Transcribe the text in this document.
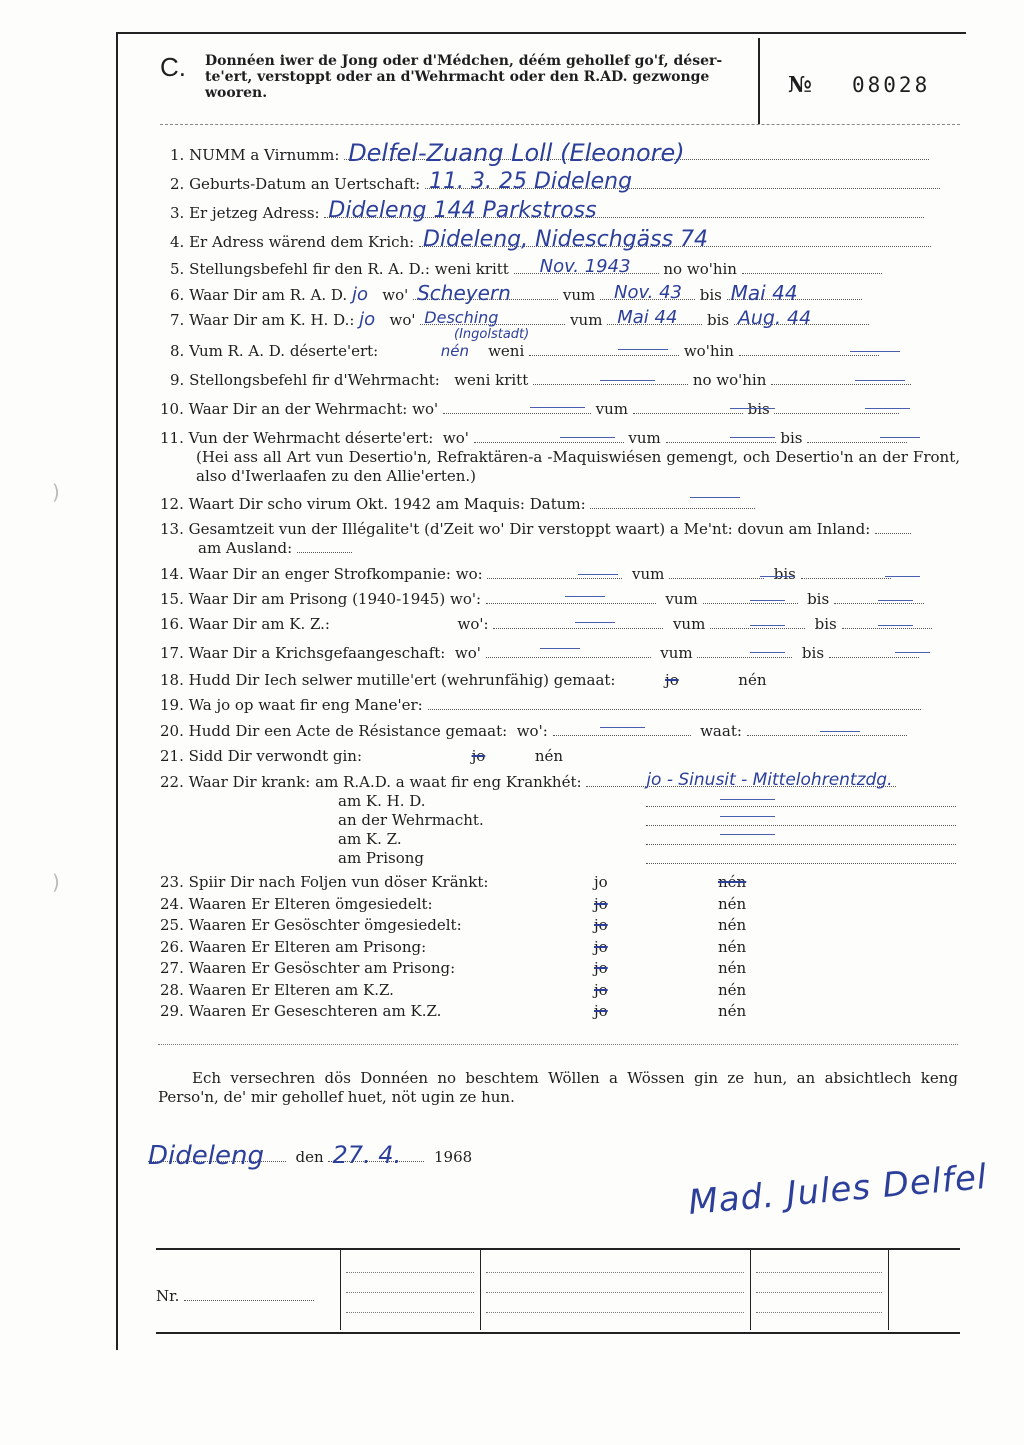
)
)
C. Donnéen iwer de Jong oder d'Médchen, déém gehollef go'f, déser-te'ert, verstoppt oder an d'Wehrmacht oder den R.AD. gezwonge wooren.	№ 08028
1. NUMM a Virnumm: Delfel-Zuang Loll (Eleonore)
2. Geburts-Datum an Uertschaft: 11. 3. 25 Dideleng
3. Er jetzeg Adress: Dideleng 144 Parkstross
4. Er Adress wärend dem Krich: Dideleng, Nideschgäss 74
5. Stellungsbefehl fir den R. A. D.: weni kritt Nov. 1943 no wo'hin
6. Waar Dir am R. A. D. jo wo' Scheyern	vum Nov. 43 bis Mai 44
7. Waar Dir am K. H. D.: jo wo' Desching	vum Mai 44 bis Aug. 44
(Ingolstadt)
8. Vum R. A. D. déserte'ert:	nén weni	wo'hin
9. Stellongsbefehl fir d'Wehrmacht: weni kritt	no wo'hin
10. Waar Dir an der Wehrmacht: wo'	vum	bis
11. Vun der Wehrmacht déserte'ert: wo'	vum	bis
(Hei ass all Art vun Desertio'n, Refraktären-a -Maquiswiésen gemengt, och Desertio'n an der Front, also d'Iwerlaafen zu den Allie'erten.)
12. Waart Dir scho virum Okt. 1942 am Maquis: Datum:
13. Gesamtzeit vun der Illégalite't (d'Zeit wo' Dir verstoppt waart) a Me'nt: dovun am Inland:
am Ausland:
14. Waar Dir an enger Strofkompanie: wo:	vum	bis
15. Waar Dir am Prisong (1940-1945) wo':	vum	bis
16. Waar Dir am K. Z.:	wo':	vum	bis
17. Waar Dir a Krichsgefaangeschaft: wo'	vum	bis
18. Hudd Dir Iech selwer mutille'ert (wehrunfähig) gemaat:	jo	nén
19. Wa jo op waat fir eng Mane'er:
20. Hudd Dir een Acte de Résistance gemaat: wo':	waat:
21. Sidd Dir verwondt gin:	jo	nén
22. Waar Dir krank: am R.A.D. a waat fir eng Krankhét:	jo - Sinusit - Mittelohrentzdg.
am K. H. D.
an der Wehrmacht.
am K. Z.
am Prisong
23. Spiir Dir nach Foljen vun döser Kränkt:	jo	nén
24. Waaren Er Elteren ömgesiedelt:	jo	nén
25. Waaren Er Gesöschter ömgesiedelt:	jo	nén
26. Waaren Er Elteren am Prisong:	jo	nén
27. Waaren Er Gesöschter am Prisong:	jo	nén
28. Waaren Er Elteren am K.Z.	jo	nén
29. Waaren Er Geseschteren am K.Z.	jo	nén
Ech versechren dös Donnéen no beschtem Wöllen a Wössen gin ze hun, an absichtlech keng Perso'n, de' mir gehollef huet, nöt ugin ze hun.
Dideleng den 27. 4. 1968
Mad. Jules Delfel
Nr.
